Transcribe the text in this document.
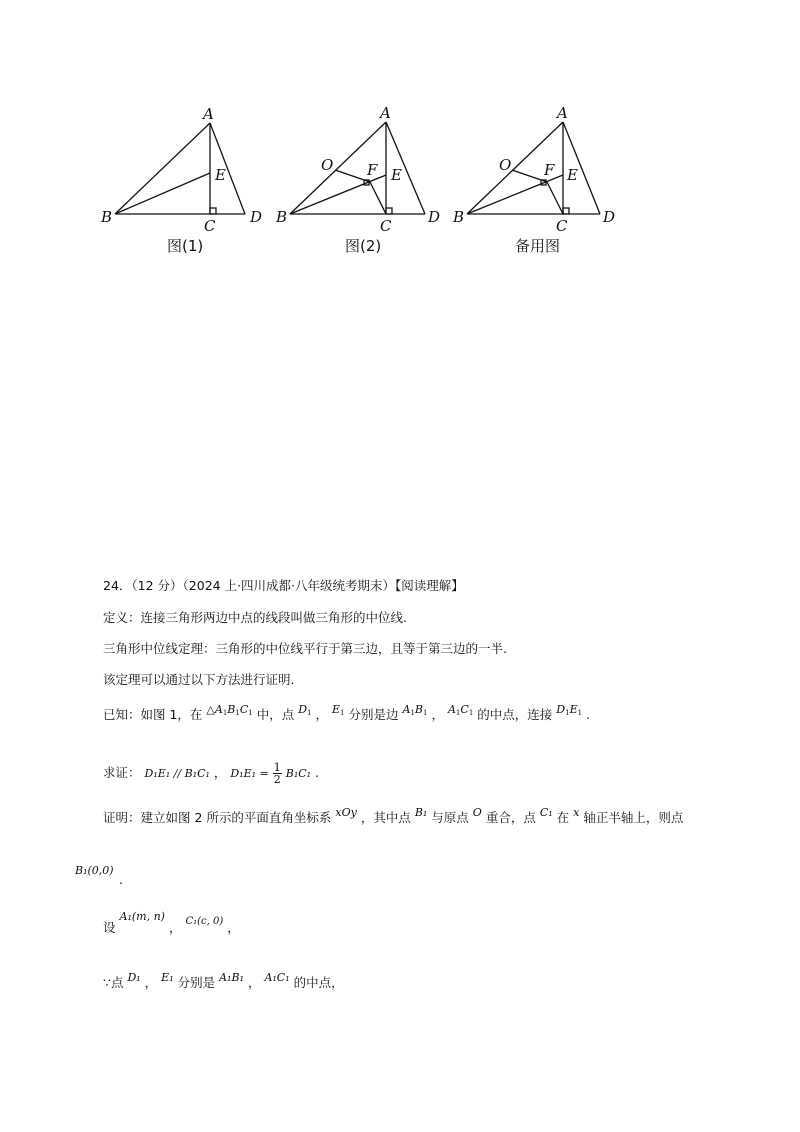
A
E
B	C D
图(1)
A
O F E
B	C D
图(2)
A
O F E
B	C D
备用图
24．（12 分）（2024 上·四川成都·八年级统考期末）【阅读理解】
定义：连接三角形两边中点的线段叫做三角形的中位线.
三角形中位线定理：三角形的中位线平行于第三边，且等于第三边的一半.
该定理可以通过以下方法进行证明.
已知：如图 1，在 △A1B1C1 中，点 D1 ， E1 分别是边 A1B1 ， A1C1 的中点，连接 D1E1 .
求证： D₁E₁ // B₁C₁ ， $D_1E_1 = \frac{1}{2} B_1C_1$ .
证明：建立如图 2 所示的平面直角坐标系 xOy ，其中点 B₁ 与原点 O 重合，点 C₁ 在 x 轴正半轴上，则点
B₁(0,0)
.
设 A₁(m, n) ， $^{C_1(c, 0)}$ ，
∵点 D₁ ， E₁ 分别是 A₁B₁ ， A₁C₁ 的中点，
